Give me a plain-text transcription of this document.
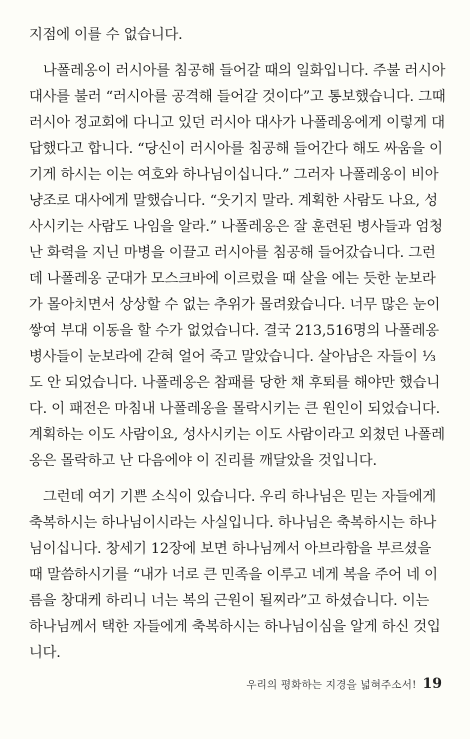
지점에 이를 수 없습니다.
나폴레옹이 러시아를 침공해 들어갈 때의 일화입니다. 주불 러시아
대사를 불러 “러시아를 공격해 들어갈 것이다”고 통보했습니다. 그때
러시아 정교회에 다니고 있던 러시아 대사가 나폴레옹에게 이렇게 대
답했다고 합니다. “당신이 러시아를 침공해 들어간다 해도 싸움을 이
기게 하시는 이는 여호와 하나님이십니다.” 그러자 나폴레옹이 비아
냥조로 대사에게 말했습니다. “웃기지 말라. 계획한 사람도 나요, 성
사시키는 사람도 나임을 알라.” 나폴레옹은 잘 훈련된 병사들과 엄청
난 화력을 지닌 마병을 이끌고 러시아를 침공해 들어갔습니다. 그런
데 나폴레옹 군대가 모스크바에 이르렀을 때 살을 에는 듯한 눈보라
가 몰아치면서 상상할 수 없는 추위가 몰려왔습니다. 너무 많은 눈이
쌓여 부대 이동을 할 수가 없었습니다. 결국 213,516명의 나폴레옹
병사들이 눈보라에 갇혀 얼어 죽고 말았습니다. 살아남은 자들이 ⅓
도 안 되었습니다. 나폴레옹은 참패를 당한 채 후퇴를 해야만 했습니
다. 이 패전은 마침내 나폴레옹을 몰락시키는 큰 원인이 되었습니다.
계획하는 이도 사람이요, 성사시키는 이도 사람이라고 외쳤던 나폴레
옹은 몰락하고 난 다음에야 이 진리를 깨달았을 것입니다.
그런데 여기 기쁜 소식이 있습니다. 우리 하나님은 믿는 자들에게
축복하시는 하나님이시라는 사실입니다. 하나님은 축복하시는 하나
님이십니다. 창세기 12장에 보면 하나님께서 아브라함을 부르셨을
때 말씀하시기를 “내가 너로 큰 민족을 이루고 네게 복을 주어 네 이
름을 창대케 하리니 너는 복의 근원이 될찌라”고 하셨습니다. 이는
하나님께서 택한 자들에게 축복하시는 하나님이심을 알게 하신 것입
니다.
우리의 평화하는 지경을 넓혀주소서! 19
